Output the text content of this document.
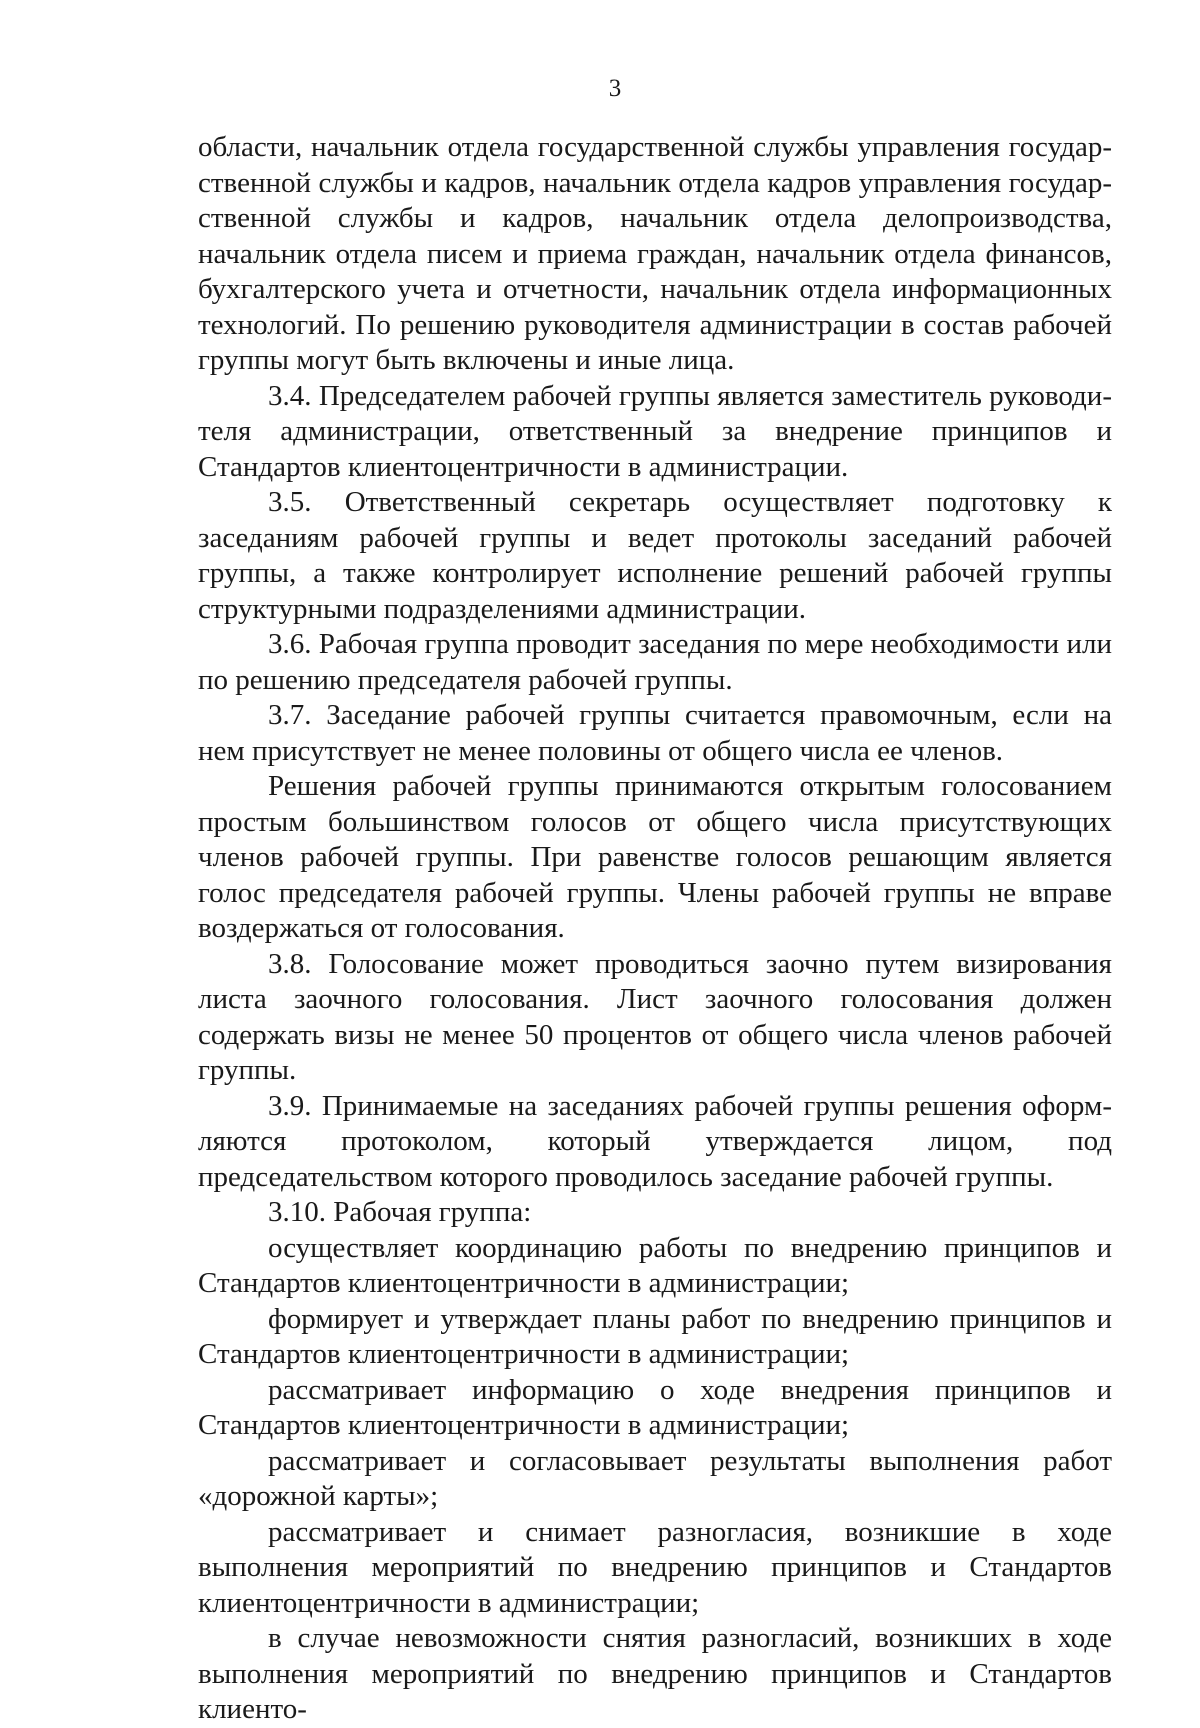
3

области, начальник отдела государственной службы управления государственной службы и кадров, начальник отдела кадров управления государственной службы и кадров, начальник отдела делопроизводства, начальник отдела писем и приема граждан, начальник отдела финансов, бухгалтерского учета и отчетности, начальник отдела информационных технологий. По решению руководителя администрации в состав рабочей группы могут быть включены и иные лица.

3.4. Председателем рабочей группы является заместитель руководителя администрации, ответственный за внедрение принципов и Стандартов клиентоцентричности в администрации.

3.5. Ответственный секретарь осуществляет подготовку к заседаниям рабочей группы и ведет протоколы заседаний рабочей группы, а также контролирует исполнение решений рабочей группы структурными подразделениями администрации.

3.6. Рабочая группа проводит заседания по мере необходимости или по решению председателя рабочей группы.

3.7. Заседание рабочей группы считается правомочным, если на нем присутствует не менее половины от общего числа ее членов.

Решения рабочей группы принимаются открытым голосованием простым большинством голосов от общего числа присутствующих членов рабочей группы. При равенстве голосов решающим является голос председателя рабочей группы. Члены рабочей группы не вправе воздержаться от голосования.

3.8. Голосование может проводиться заочно путем визирования листа заочного голосования. Лист заочного голосования должен содержать визы не менее 50 процентов от общего числа членов рабочей группы.

3.9. Принимаемые на заседаниях рабочей группы решения оформляются протоколом, который утверждается лицом, под председательством которого проводилось заседание рабочей группы.

3.10. Рабочая группа:

осуществляет координацию работы по внедрению принципов и Стандартов клиентоцентричности в администрации;

формирует и утверждает планы работ по внедрению принципов и Стандартов клиентоцентричности в администрации;

рассматривает информацию о ходе внедрения принципов и Стандартов клиентоцентричности в администрации;

рассматривает и согласовывает результаты выполнения работ «дорожной карты»;

рассматривает и снимает разногласия, возникшие в ходе выполнения мероприятий по внедрению принципов и Стандартов клиентоцентричности в администрации;

в случае невозможности снятия разногласий, возникших в ходе выполнения мероприятий по внедрению принципов и Стандартов клиенто-
